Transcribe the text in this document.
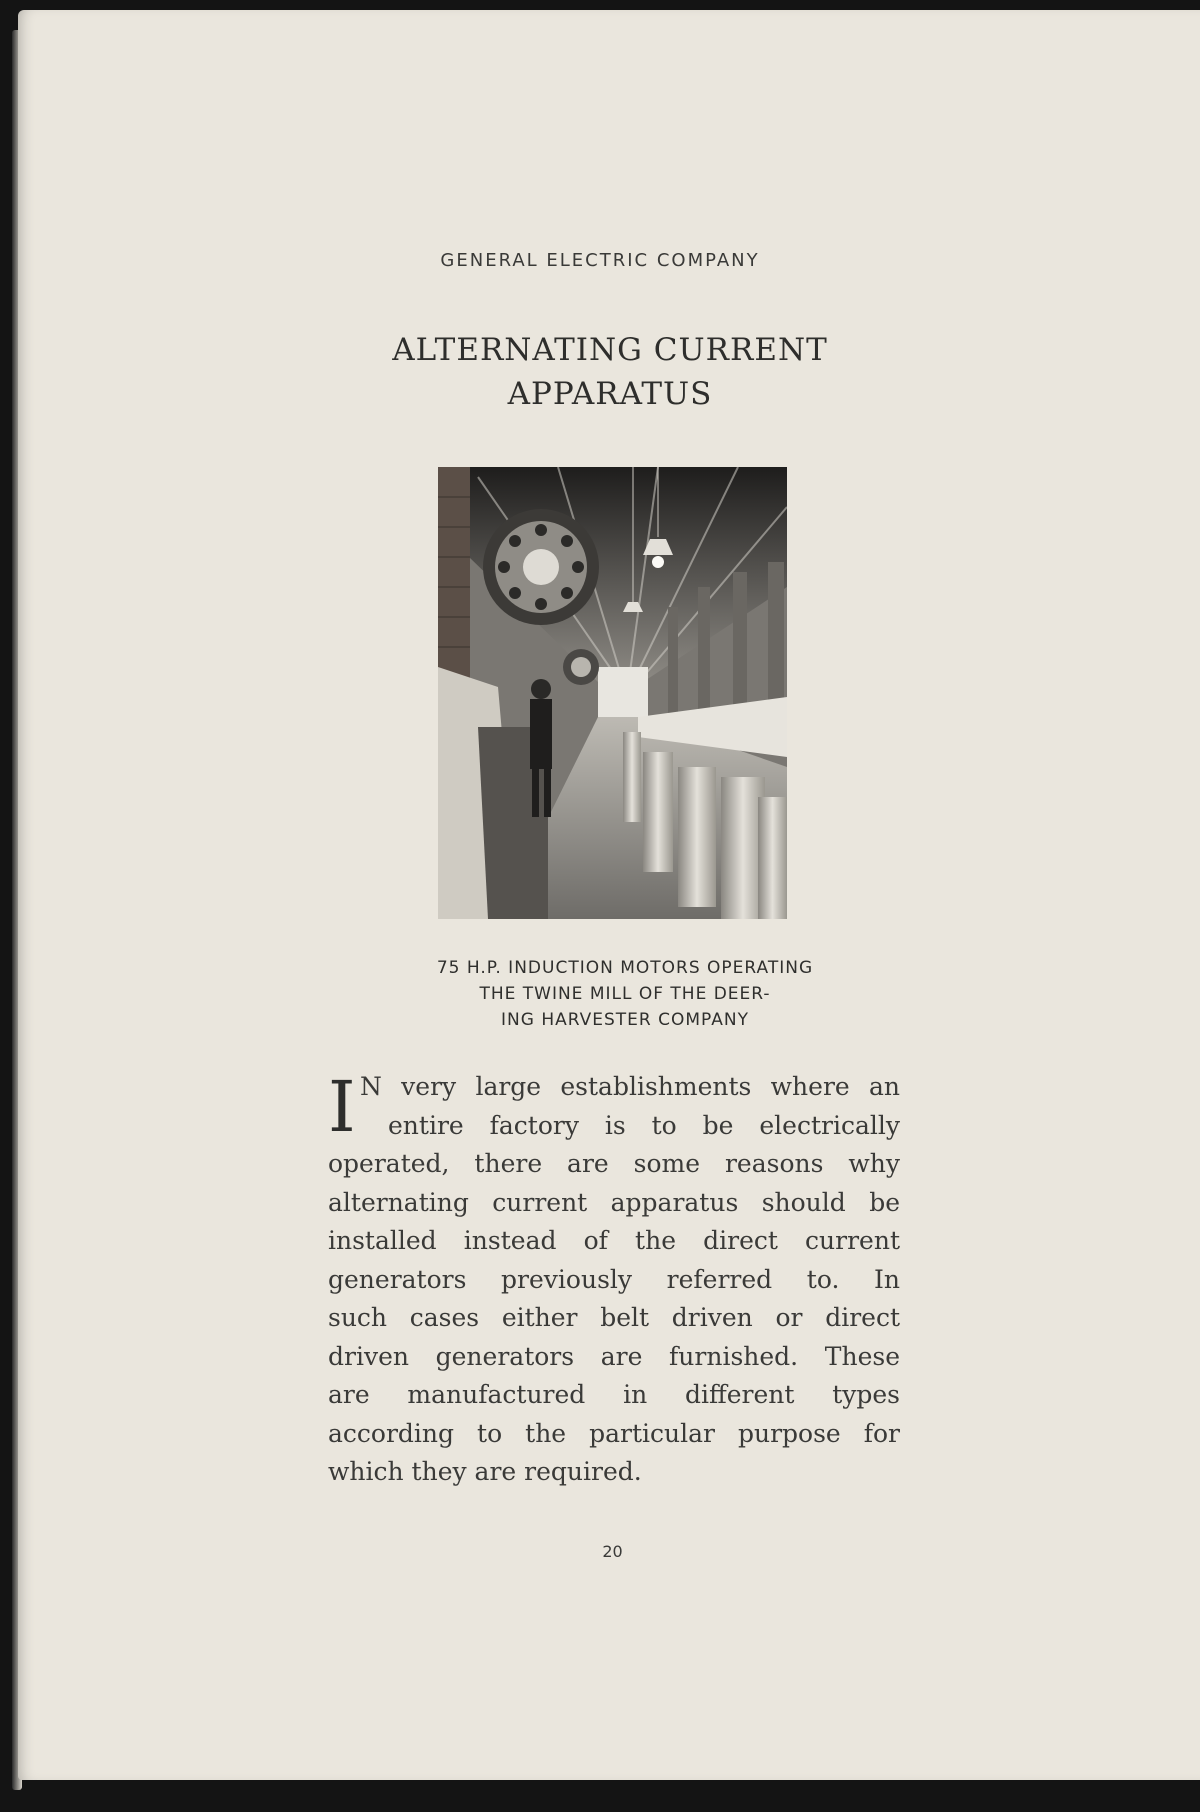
GENERAL ELECTRIC COMPANY
ALTERNATING CURRENT
APPARATUS
75 H.P. INDUCTION MOTORS OPERATING
THE TWINE MILL OF THE DEER-
ING HARVESTER COMPANY
I N very large establishments where an
entire factory is to be electrically
operated, there are some reasons why
alternating current apparatus should be
installed instead of the direct current
generators previously referred to. In
such cases either belt driven or direct
driven generators are furnished. These
are manufactured in different types
according to the particular purpose for
which they are required.
20
